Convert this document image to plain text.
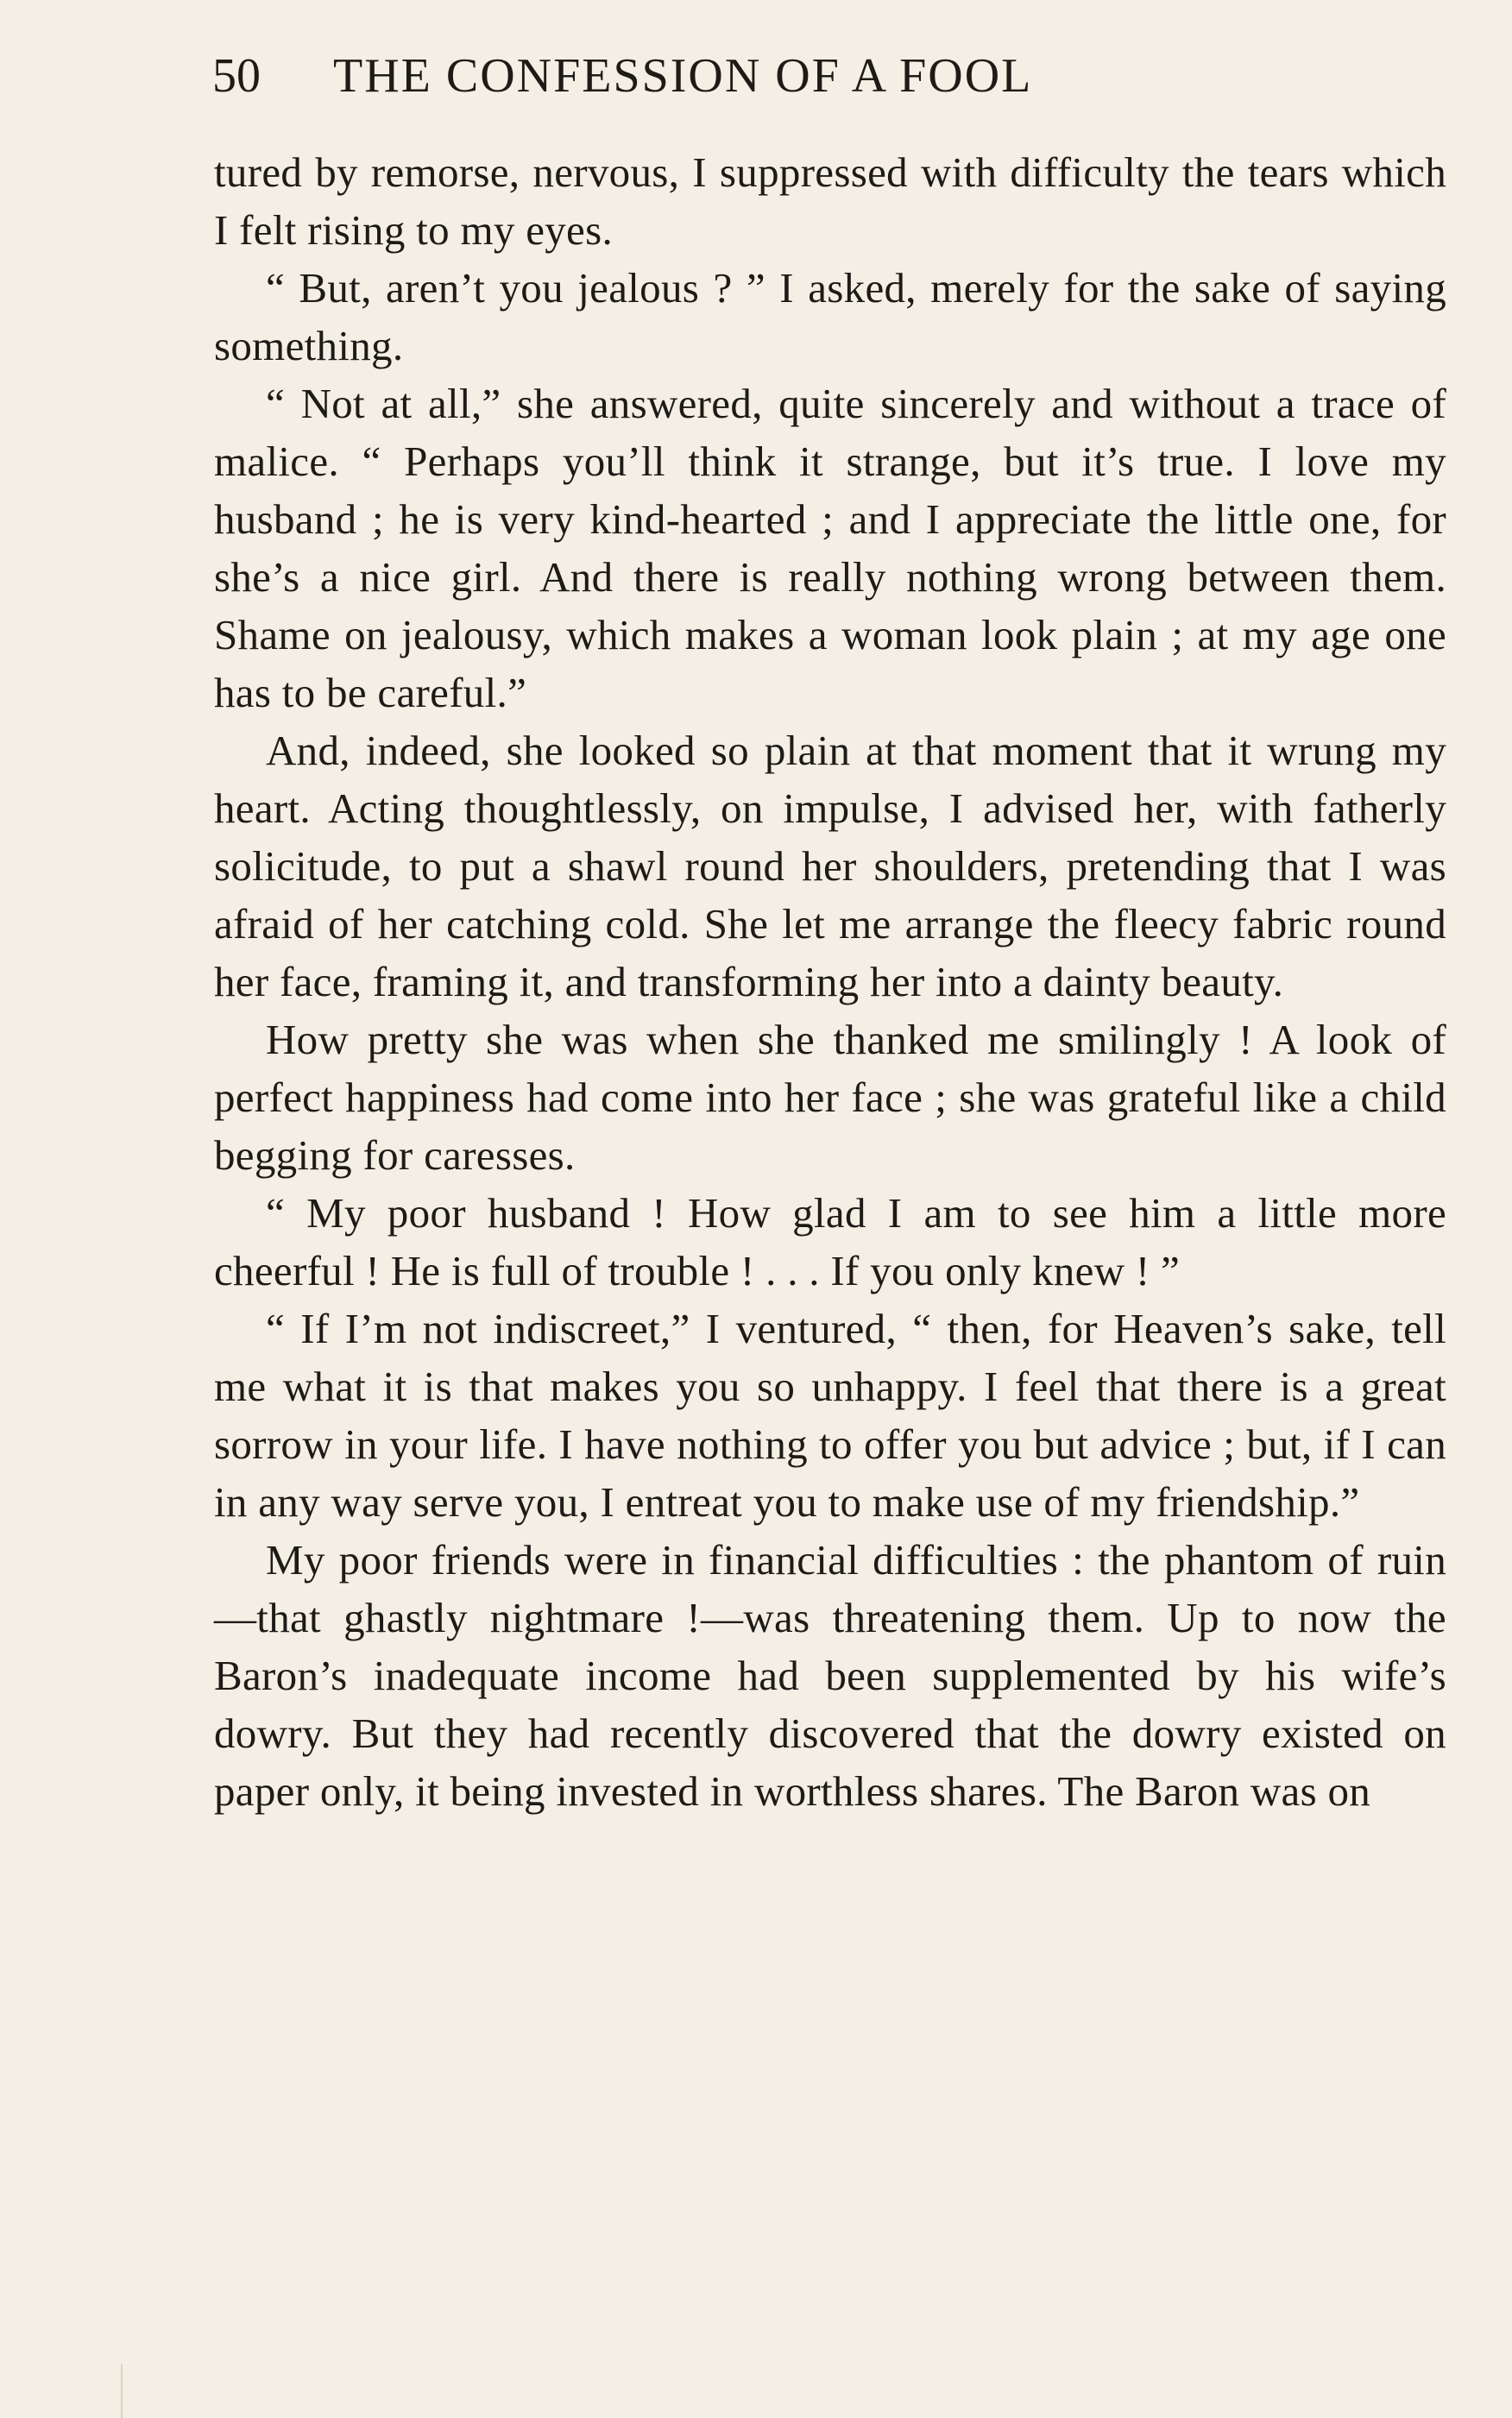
50 THE CONFESSION OF A FOOL

tured by remorse, nervous, I suppressed with difficulty the tears which I felt rising to my eyes.

“ But, aren’t you jealous ? ” I asked, merely for the sake of saying something.

“ Not at all,” she answered, quite sincerely and without a trace of malice. “ Perhaps you’ll think it strange, but it’s true. I love my husband ; he is very kind-hearted ; and I appreciate the little one, for she’s a nice girl. And there is really nothing wrong between them. Shame on jealousy, which makes a woman look plain ; at my age one has to be careful.”

And, indeed, she looked so plain at that moment that it wrung my heart. Acting thoughtlessly, on impulse, I advised her, with fatherly solicitude, to put a shawl round her shoulders, pretending that I was afraid of her catching cold. She let me arrange the fleecy fabric round her face, framing it, and transforming her into a dainty beauty.

How pretty she was when she thanked me smilingly ! A look of perfect happiness had come into her face ; she was grateful like a child begging for caresses.

“ My poor husband ! How glad I am to see him a little more cheerful ! He is full of trouble ! . . . If you only knew ! ”

“ If I’m not indiscreet,” I ventured, “ then, for Heaven’s sake, tell me what it is that makes you so unhappy. I feel that there is a great sorrow in your life. I have nothing to offer you but advice ; but, if I can in any way serve you, I entreat you to make use of my friendship.”

My poor friends were in financial difficulties : the phantom of ruin—that ghastly nightmare !—was threatening them. Up to now the Baron’s inadequate income had been supplemented by his wife’s dowry. But they had recently discovered that the dowry existed on paper only, it being invested in worthless shares. The Baron was on
